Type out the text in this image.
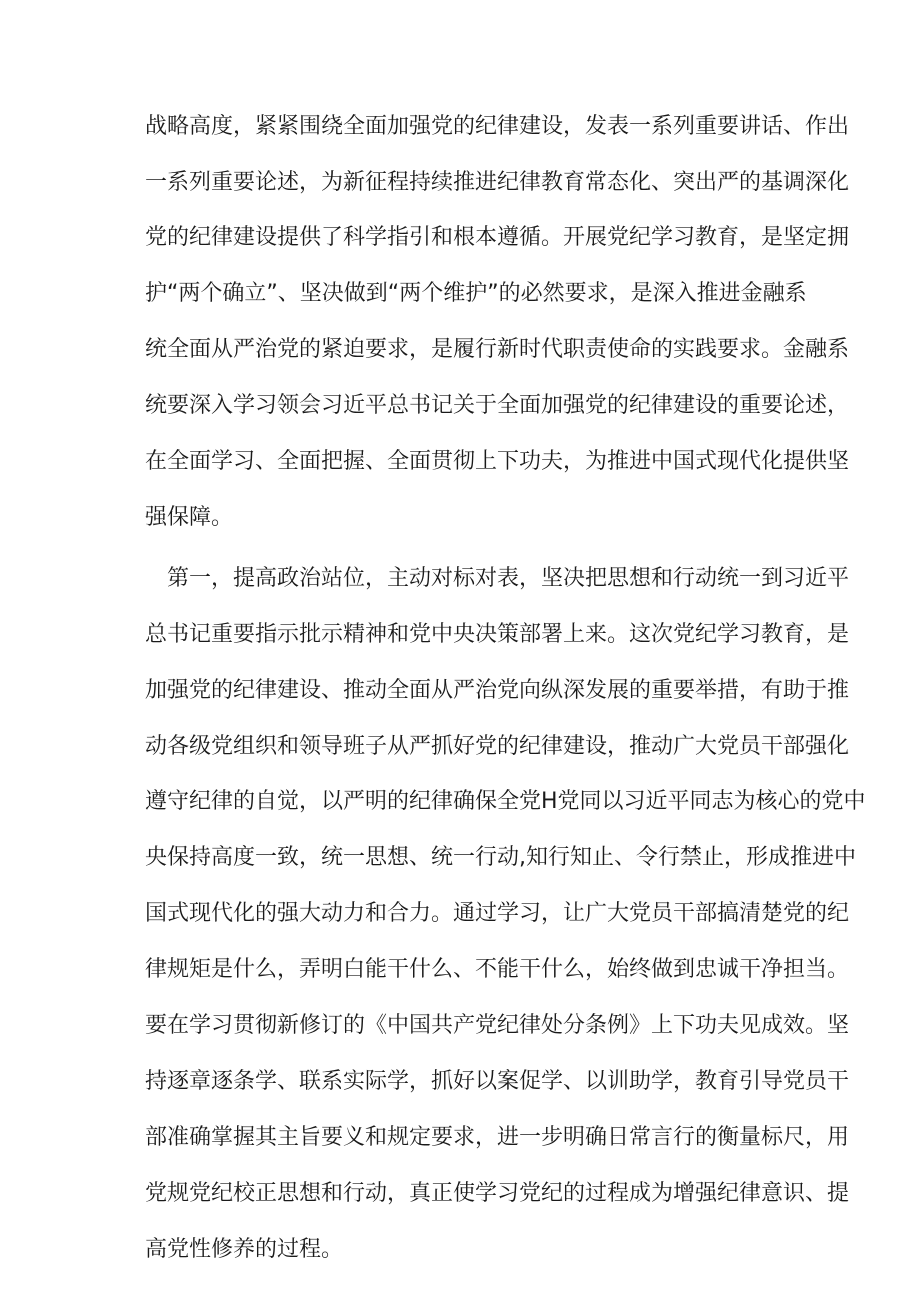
战略高度，紧紧围绕全面加强党的纪律建设，发表一系列重要讲话、作出
一系列重要论述，为新征程持续推进纪律教育常态化、突出严的基调深化
党的纪律建设提供了科学指引和根本遵循。开展党纪学习教育，是坚定拥
护“两个确立”、坚决做到“两个维护”的必然要求，是深入推进金融系
统全面从严治党的紧迫要求，是履行新时代职责使命的实践要求。金融系
统要深入学习领会习近平总书记关于全面加强党的纪律建设的重要论述，
在全面学习、全面把握、全面贯彻上下功夫，为推进中国式现代化提供坚
强保障。
第一，提高政治站位，主动对标对表，坚决把思想和行动统一到习近平
总书记重要指示批示精神和党中央决策部署上来。这次党纪学习教育，是
加强党的纪律建设、推动全面从严治党向纵深发展的重要举措，有助于推
动各级党组织和领导班子从严抓好党的纪律建设，推动广大党员干部强化
遵守纪律的自觉，以严明的纪律确保全党H党同以习近平同志为核心的党中
央保持高度一致，统一思想、统一行动,知行知止、令行禁止，形成推进中
国式现代化的强大动力和合力。通过学习，让广大党员干部搞清楚党的纪
律规矩是什么，弄明白能干什么、不能干什么，始终做到忠诚干净担当。
要在学习贯彻新修订的《中国共产党纪律处分条例》上下功夫见成效。坚
持逐章逐条学、联系实际学，抓好以案促学、以训助学，教育引导党员干
部准确掌握其主旨要义和规定要求，进一步明确日常言行的衡量标尺，用
党规党纪校正思想和行动，真正使学习党纪的过程成为增强纪律意识、提
高党性修养的过程。
